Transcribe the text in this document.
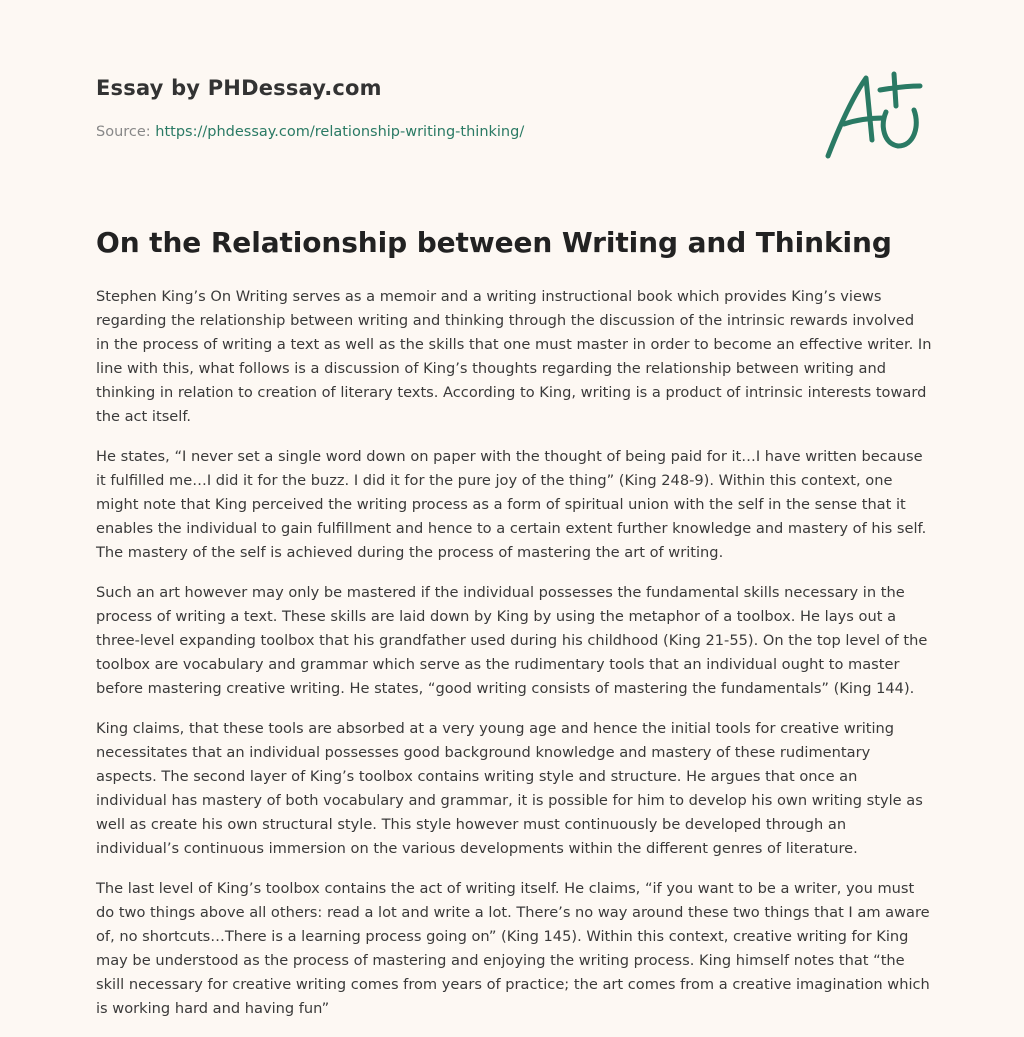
Essay by PHDessay.com
Source: https://phdessay.com/relationship-writing-thinking/
On the Relationship between Writing and Thinking

Stephen King’s On Writing serves as a memoir and a writing instructional book which provides King’s views regarding the relationship between writing and thinking through the discussion of the intrinsic rewards involved in the process of writing a text as well as the skills that one must master in order to become an effective writer. In line with this, what follows is a discussion of King’s thoughts regarding the relationship between writing and thinking in relation to creation of literary texts. According to King, writing is a product of intrinsic interests toward the act itself.

He states, “I never set a single word down on paper with the thought of being paid for it…I have written because it fulfilled me…I did it for the buzz. I did it for the pure joy of the thing” (King 248-9). Within this context, one might note that King perceived the writing process as a form of spiritual union with the self in the sense that it enables the individual to gain fulfillment and hence to a certain extent further knowledge and mastery of his self. The mastery of the self is achieved during the process of mastering the art of writing.

Such an art however may only be mastered if the individual possesses the fundamental skills necessary in the process of writing a text. These skills are laid down by King by using the metaphor of a toolbox. He lays out a three-level expanding toolbox that his grandfather used during his childhood (King 21-55). On the top level of the toolbox are vocabulary and grammar which serve as the rudimentary tools that an individual ought to master before mastering creative writing. He states, “good writing consists of mastering the fundamentals” (King 144).

King claims, that these tools are absorbed at a very young age and hence the initial tools for creative writing necessitates that an individual possesses good background knowledge and mastery of these rudimentary aspects. The second layer of King’s toolbox contains writing style and structure. He argues that once an individual has mastery of both vocabulary and grammar, it is possible for him to develop his own writing style as well as create his own structural style. This style however must continuously be developed through an individual’s continuous immersion on the various developments within the different genres of literature.

The last level of King’s toolbox contains the act of writing itself. He claims, “if you want to be a writer, you must do two things above all others: read a lot and write a lot. There’s no way around these two things that I am aware of, no shortcuts…There is a learning process going on” (King 145). Within this context, creative writing for King may be understood as the process of mastering and enjoying the writing process. King himself notes that “the skill necessary for creative writing comes from years of practice; the art comes from a creative imagination which is working hard and having fun”
